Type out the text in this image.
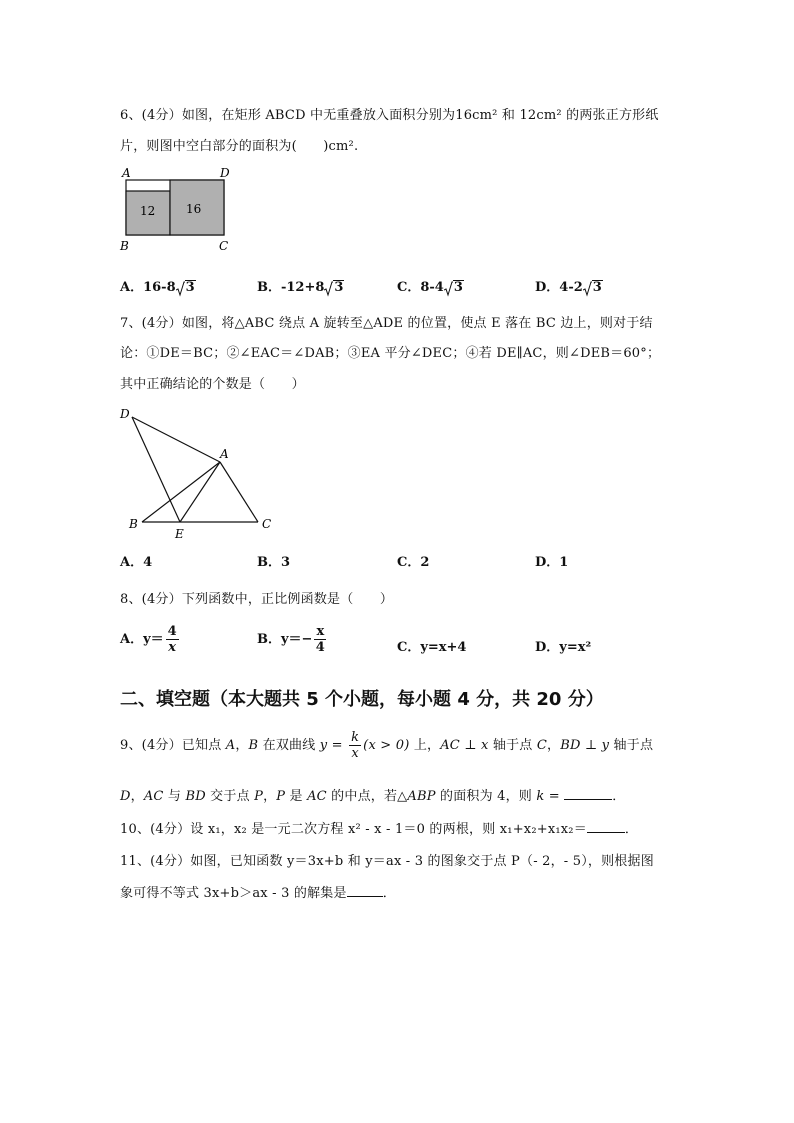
6、(4分）如图，在矩形 ABCD 中无重叠放入面积分别为16cm² 和 12cm² 的两张正方形纸
片，则图中空白部分的面积为(　　)cm².
A	D
B	C
12	16
A．16-8 3	B．-12+8 3	C．8-4 3	D．4-2 3
7、(4分）如图，将△ABC 绕点 A 旋转至△ADE 的位置，使点 E 落在 BC 边上，则对于结
论：①DE＝BC；②∠EAC＝∠DAB；③EA 平分∠DEC；④若 DE∥AC，则∠DEB＝60°；
其中正确结论的个数是（　　）
D
A
B
E
C
A．4	B．3	C．2	D．1
8、(4分）下列函数中，正比例函数是（　　）
A．$y= \frac{4}{x}$	B．$y=- \frac{x}{4}$	C．y=x+4	D．y=x²
二、填空题（本大题共 5 个小题，每小题 4 分，共 20 分）
9、(4分）已知点 A，B 在双曲线 $y = \frac{k}{x} (x > 0)$ 上，AC ⊥ x 轴于点 C，BD ⊥ y 轴于点
D，AC 与 BD 交于点 P，P 是 AC 的中点，若△ABP 的面积为 4，则 k =	．
10、(4分）设 x₁，x₂ 是一元二次方程 x² - x - 1＝0 的两根，则 x₁+x₂+x₁x₂＝	．
11、(4分）如图，已知函数 y＝3x+b 和 y＝ax - 3 的图象交于点 P（- 2，- 5），则根据图
象可得不等式 3x+b＞ax - 3 的解集是	．
